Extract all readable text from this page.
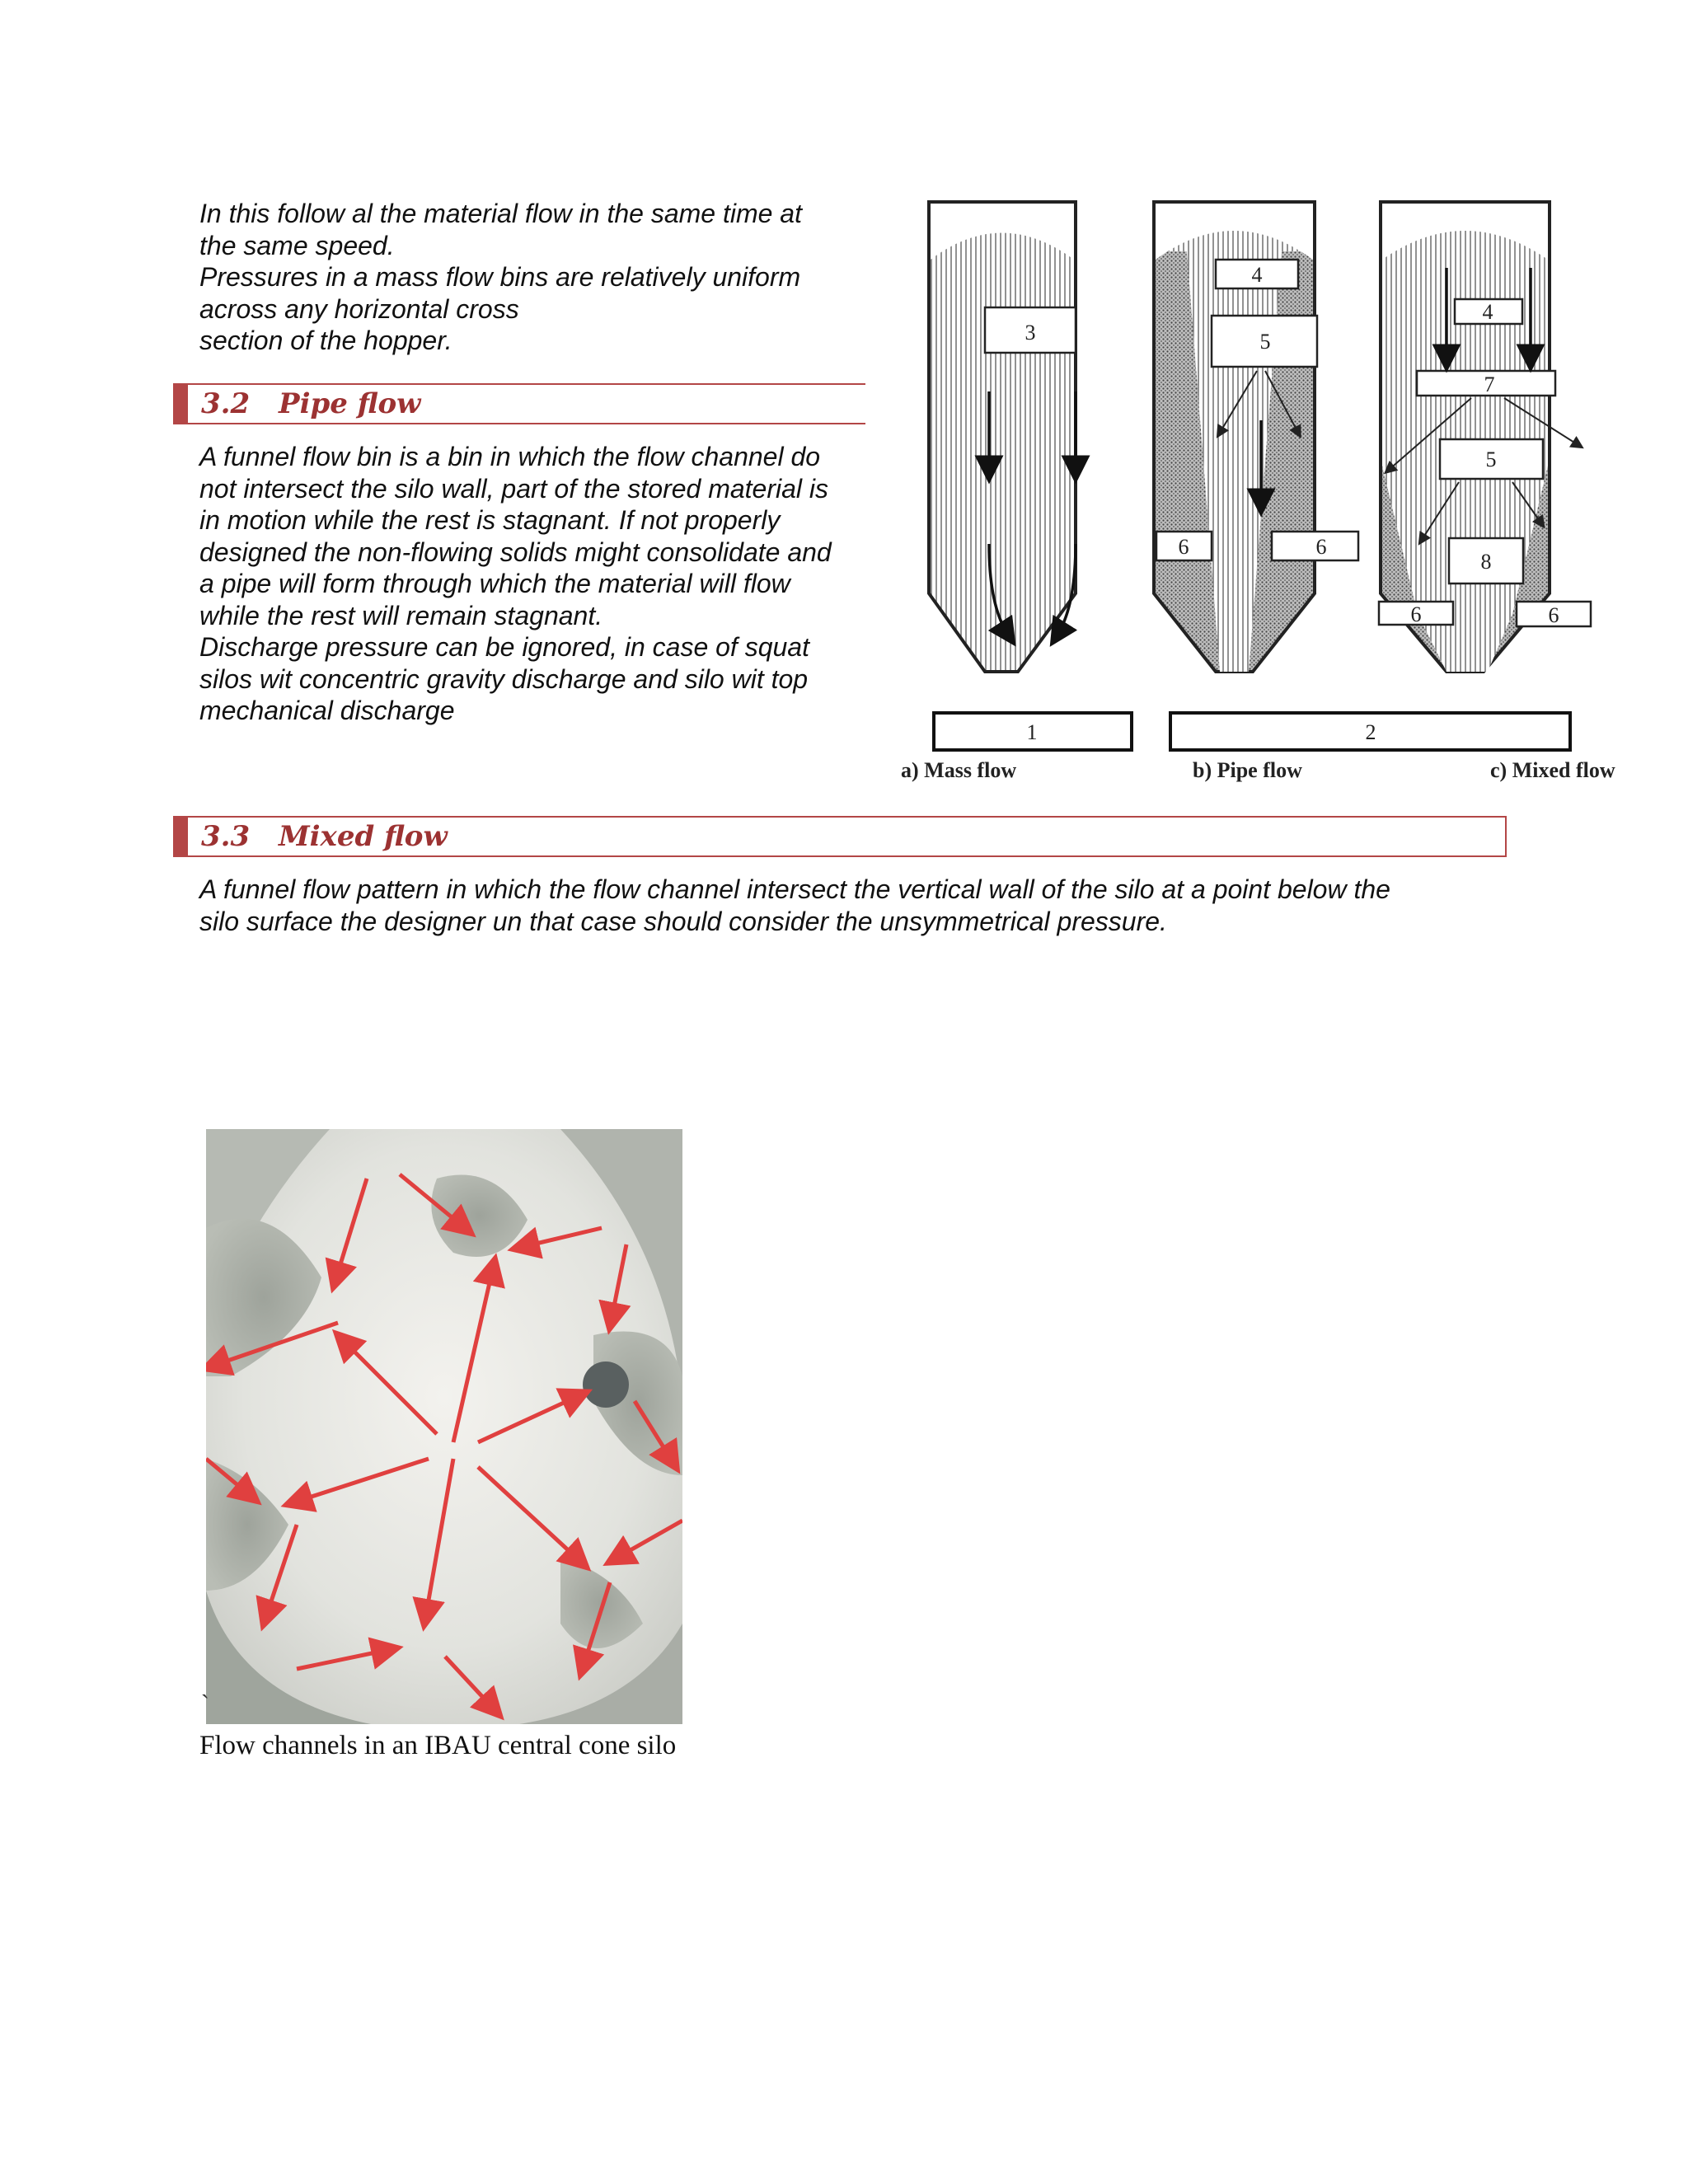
In this follow al the material flow in the same time at
the same speed.
Pressures in a mass flow bins are relatively uniform
across any horizontal cross
section of the hopper.

3.2 Pipe flow

A funnel flow bin is a bin in which the flow channel do
not intersect the silo wall, part of the stored material is
in motion while the rest is stagnant. If not properly
designed the non-flowing solids might consolidate and
a pipe will form through which the material will flow
while the rest will remain stagnant.
Discharge pressure can be ignored, in case of squat
silos wit concentric gravity discharge and silo wit top
mechanical discharge

3
4
5
6	6
4
7
5
8
6	6
1	2
a) Mass flow	b) Pipe flow	c) Mixed flow
3.3 Mixed flow

A funnel flow pattern in which the flow channel intersect the vertical wall of the silo at a point below the
silo surface the designer un that case should consider the unsymmetrical pressure.

`
Flow channels in an IBAU central cone silo
